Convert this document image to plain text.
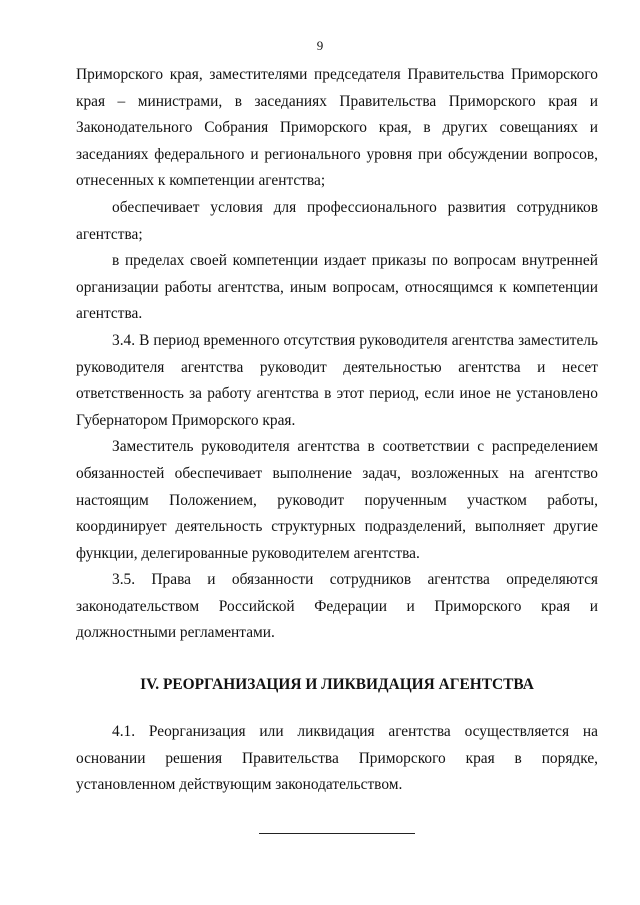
9

Приморского края, заместителями председателя Правительства Приморского края – министрами, в заседаниях Правительства Приморского края и Законодательного Собрания Приморского края, в других совещаниях и заседаниях федерального и регионального уровня при обсуждении вопросов, отнесенных к компетенции агентства;

обеспечивает условия для профессионального развития сотрудников агентства;

в пределах своей компетенции издает приказы по вопросам внутренней организации работы агентства, иным вопросам, относящимся к компетенции агентства.

3.4. В период временного отсутствия руководителя агентства заместитель руководителя агентства руководит деятельностью агентства и несет ответственность за работу агентства в этот период, если иное не установлено Губернатором Приморского края.

Заместитель руководителя агентства в соответствии с распределением обязанностей обеспечивает выполнение задач, возложенных на агентство настоящим Положением, руководит порученным участком работы, координирует деятельность структурных подразделений, выполняет другие функции, делегированные руководителем агентства.

3.5. Права и обязанности сотрудников агентства определяются законодательством Российской Федерации и Приморского края и должностными регламентами.

IV. РЕОРГАНИЗАЦИЯ И ЛИКВИДАЦИЯ АГЕНТСТВА

4.1. Реорганизация или ликвидация агентства осуществляется на основании решения Правительства Приморского края в порядке, установленном действующим законодательством.
